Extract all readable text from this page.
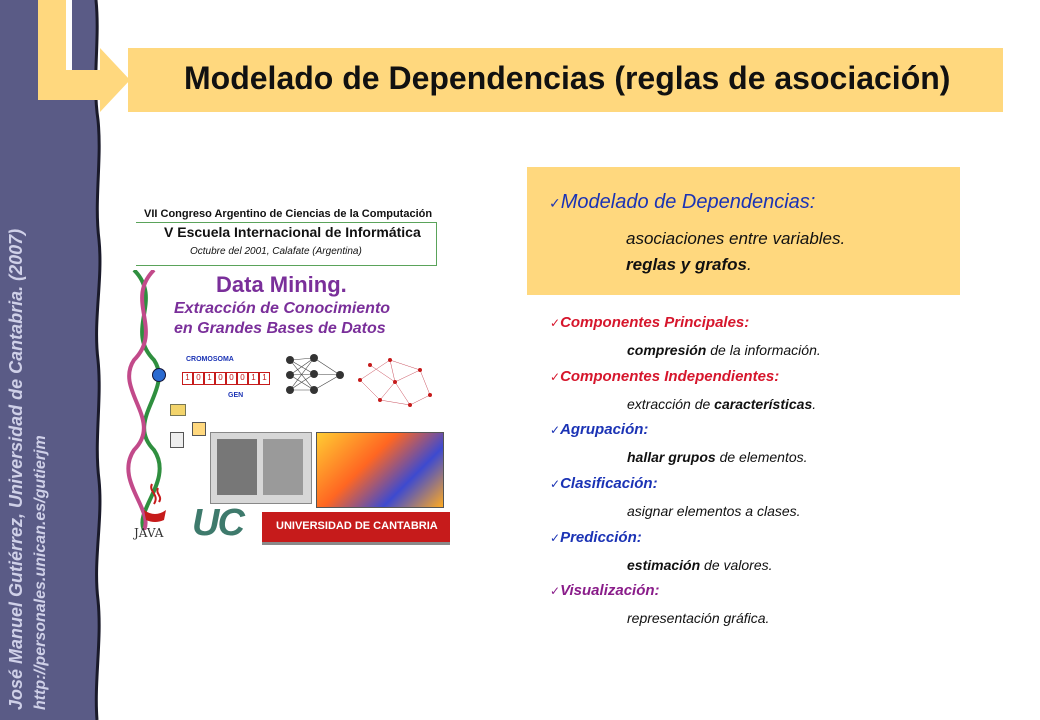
José Manuel Gutiérrez, Universidad de Cantabria. (2007) http://personales.unican.es/gutierjm
Modelado de Dependencias (reglas de asociación)
VII Congreso Argentino de Ciencias de la Computación
V Escuela Internacional de Informática
Octubre del 2001, Calafate (Argentina)
Data Mining.
Extracción de Conocimiento
en Grandes Bases de Datos
CROMOSOMA
1 0 1 0 0 0 1 1
GEN
JAVA UC	UNIVERSIDAD DE CANTABRIA
✓Modelado de Dependencias:
asociaciones entre variables.
reglas y grafos.
✓Componentes Principales:
compresión de la información.
✓Componentes Independientes:
extracción de características.
✓Agrupación:
hallar grupos de elementos.
✓Clasificación:
asignar elementos a clases.
✓Predicción:
estimación de valores.
✓Visualización:
representación gráfica.
